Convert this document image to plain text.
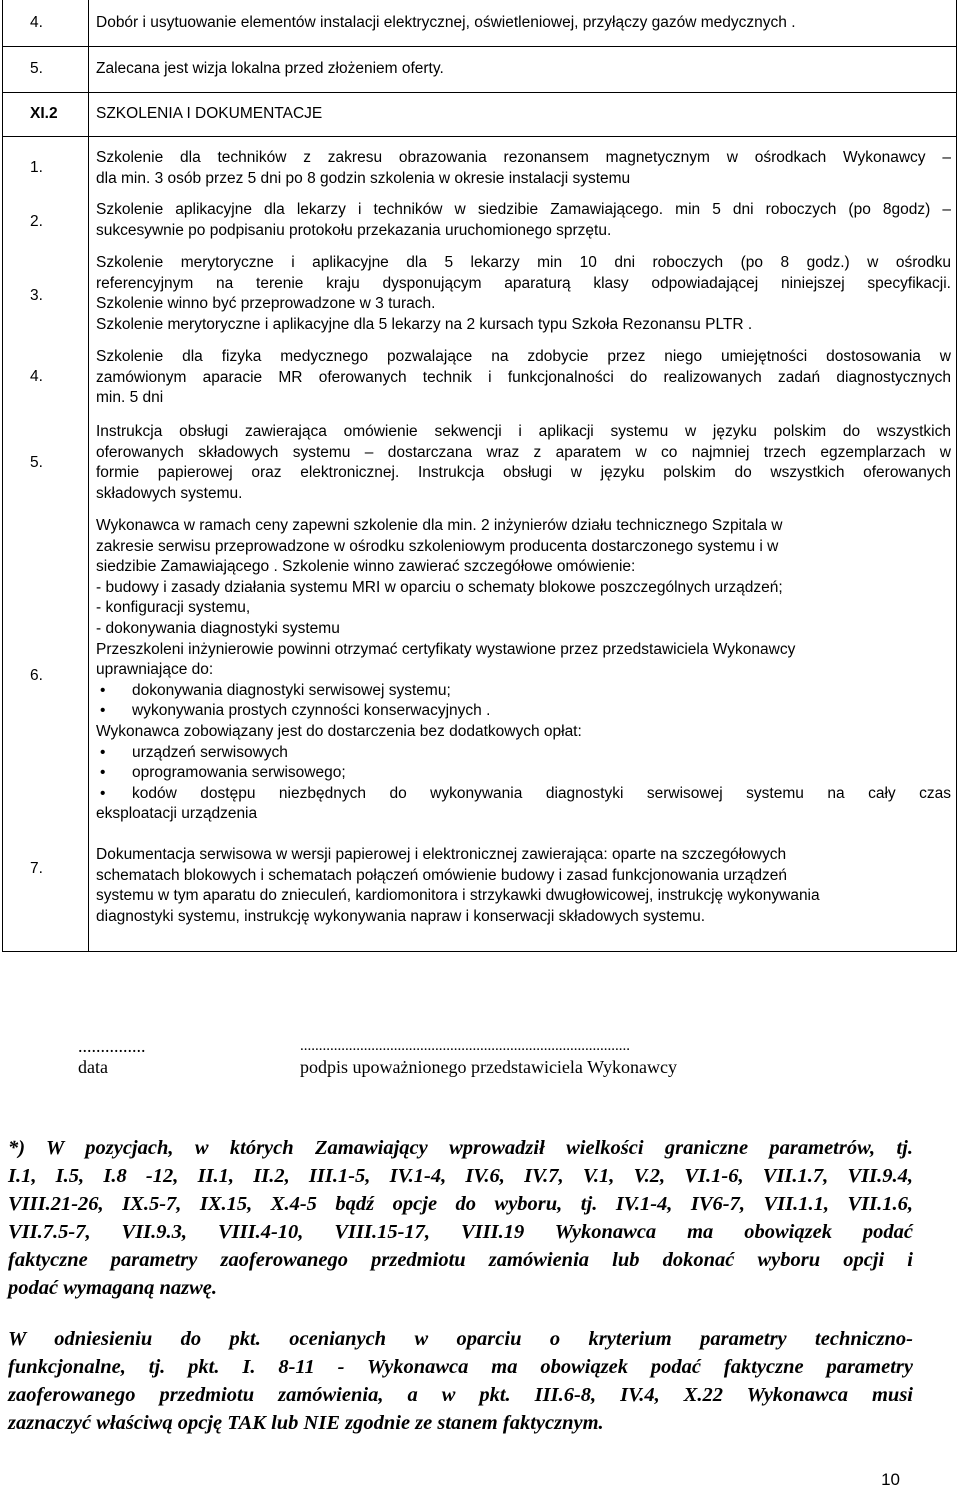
4.	Dobór i usytuowanie elementów instalacji elektrycznej, oświetleniowej, przyłączy gazów medycznych .
5.	Zalecana jest wizja lokalna przed złożeniem oferty.
XI.2 SZKOLENIA I DOKUMENTACJE
1.
Szkolenie dla techników z zakresu obrazowania rezonansem magnetycznym w ośrodkach Wykonawcy –
dla min. 3 osób przez 5 dni po 8 godzin szkolenia w okresie instalacji systemu
2.
Szkolenie aplikacyjne dla lekarzy i techników w siedzibie Zamawiającego. min 5 dni roboczych (po 8godz) –
sukcesywnie po podpisaniu protokołu przekazania uruchomionego sprzętu.
3.
Szkolenie merytoryczne i aplikacyjne dla 5 lekarzy min 10 dni roboczych (po 8 godz.) w ośrodku
referencyjnym na terenie kraju dysponującym aparaturą klasy odpowiadającej niniejszej specyfikacji.
Szkolenie winno być przeprowadzone w 3 turach.
Szkolenie merytoryczne i aplikacyjne dla 5 lekarzy na 2 kursach typu Szkoła Rezonansu PLTR .
4.
Szkolenie dla fizyka medycznego pozwalające na zdobycie przez niego umiejętności dostosowania w
zamówionym aparacie MR oferowanych technik i funkcjonalności do realizowanych zadań diagnostycznych
min. 5 dni
5.
Instrukcja obsługi zawierająca omówienie sekwencji i aplikacji systemu w języku polskim do wszystkich
oferowanych składowych systemu – dostarczana wraz z aparatem w co najmniej trzech egzemplarzach w
formie papierowej oraz elektronicznej. Instrukcja obsługi w języku polskim do wszystkich oferowanych
składowych systemu.
6.
Wykonawca w ramach ceny zapewni szkolenie dla min. 2 inżynierów działu technicznego Szpitala w
zakresie serwisu przeprowadzone w ośrodku szkoleniowym producenta dostarczonego systemu i w
siedzibie Zamawiającego . Szkolenie winno zawierać szczegółowe omówienie:
- budowy i zasady działania systemu MRI w oparciu o schematy blokowe poszczególnych urządzeń;
- konfiguracji systemu,
- dokonywania diagnostyki systemu
Przeszkoleni inżynierowie powinni otrzymać certyfikaty wystawione przez przedstawiciela Wykonawcy
uprawniające do:
• dokonywania diagnostyki serwisowej systemu;
• wykonywania prostych czynności konserwacyjnych .
Wykonawca zobowiązany jest do dostarczenia bez dodatkowych opłat:
• urządzeń serwisowych
• oprogramowania serwisowego;
• kodów dostępu niezbędnych do wykonywania diagnostyki serwisowej systemu na cały czas
eksploatacji urządzenia
7.
Dokumentacja serwisowa w wersji papierowej i elektronicznej zawierająca: oparte na szczegółowych
schematach blokowych i schematach połączeń omówienie budowy i zasad funkcjonowania urządzeń
systemu w tym aparatu do znieculeń, kardiomonitora i strzykawki dwugłowicowej, instrukcję wykonywania
diagnostyki systemu, instrukcję wykonywania napraw i konserwacji składowych systemu.
...............	........................................................................................
data	podpis upoważnionego przedstawiciela Wykonawcy
*) W pozycjach, w których Zamawiający wprowadził wielkości graniczne parametrów, tj.
I.1, I.5, I.8 -12, II.1, II.2, III.1-5, IV.1-4, IV.6, IV.7, V.1, V.2, VI.1-6, VII.1.7, VII.9.4,
VIII.21-26, IX.5-7, IX.15, X.4-5 bądź opcje do wyboru, tj. IV.1-4, IV6-7, VII.1.1, VII.1.6,
VII.7.5-7, VII.9.3, VIII.4-10, VIII.15-17, VIII.19 Wykonawca ma obowiązek podać
faktyczne parametry zaoferowanego przedmiotu zamówienia lub dokonać wyboru opcji i
podać wymaganą nazwę.
W odniesieniu do pkt. ocenianych w oparciu o kryterium parametry techniczno-
funkcjonalne, tj. pkt. I. 8-11 - Wykonawca ma obowiązek podać faktyczne parametry
zaoferowanego przedmiotu zamówienia, a w pkt. III.6-8, IV.4, X.22 Wykonawca musi
zaznaczyć właściwą opcję TAK lub NIE zgodnie ze stanem faktycznym.
10
